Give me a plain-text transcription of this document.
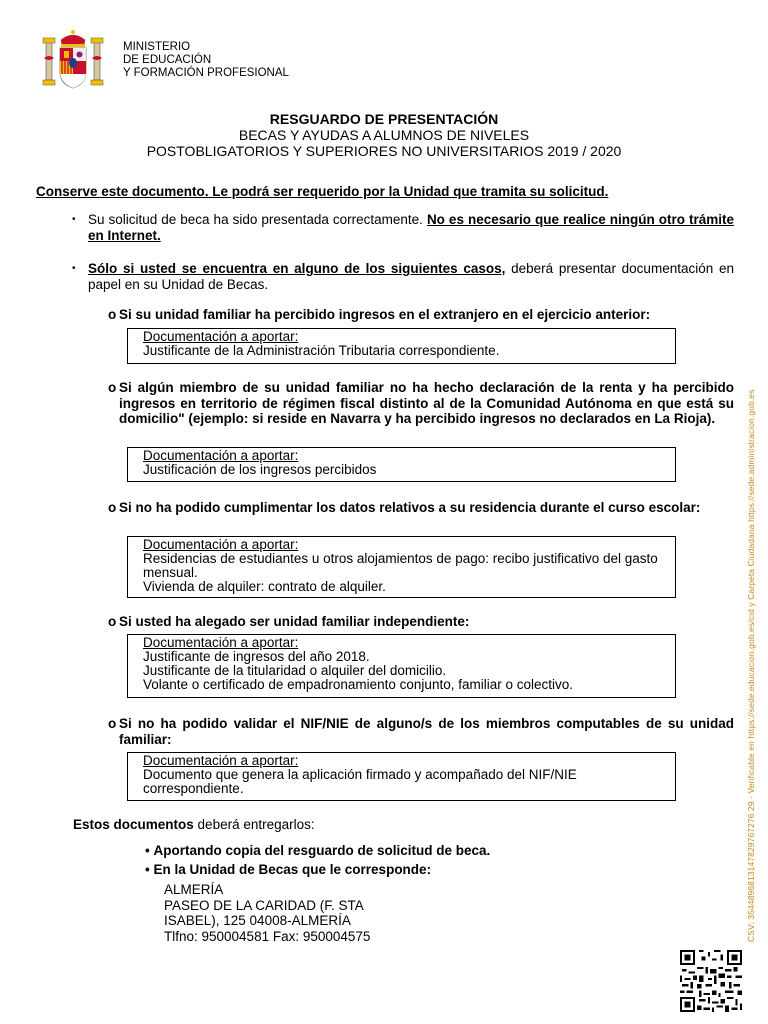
MINISTERIO
DE EDUCACIÓN
Y FORMACIÓN PROFESIONAL
RESGUARDO DE PRESENTACIÓN
BECAS Y AYUDAS A ALUMNOS DE NIVELES
POSTOBLIGATORIOS Y SUPERIORES NO UNIVERSITARIOS 2019 / 2020
Conserve este documento. Le podrá ser requerido por la Unidad que tramita su solicitud.
• Su solicitud de beca ha sido presentada correctamente. No es necesario que realice ningún otro trámite en Internet.
• Sólo si usted se encuentra en alguno de los siguientes casos, deberá presentar documentación en papel en su Unidad de Becas.
o Si su unidad familiar ha percibido ingresos en el extranjero en el ejercicio anterior:
Documentación a aportar:
Justificante de la Administración Tributaria correspondiente.
o Si algún miembro de su unidad familiar no ha hecho declaración de la renta y ha percibido ingresos en territorio de régimen fiscal distinto al de la Comunidad Autónoma en que está su domicilio" (ejemplo: si reside en Navarra y ha percibido ingresos no declarados en La Rioja).
Documentación a aportar:
Justificación de los ingresos percibidos
o Si no ha podido cumplimentar los datos relativos a su residencia durante el curso escolar:
Documentación a aportar:
Residencias de estudiantes u otros alojamientos de pago: recibo justificativo del gasto mensual.
Vivienda de alquiler: contrato de alquiler.
o Si usted ha alegado ser unidad familiar independiente:
Documentación a aportar:
Justificante de ingresos del año 2018.
Justificante de la titularidad o alquiler del domicilio.
Volante o certificado de empadronamiento conjunto, familiar o colectivo.
o Si no ha podido validar el NIF/NIE de alguno/s de los miembros computables de su unidad familiar:
Documentación a aportar:
Documento que genera la aplicación firmado y acompañado del NIF/NIE correspondiente.
Estos documentos deberá entregarlos:
• Aportando copia del resguardo de solicitud de beca.
• En la Unidad de Becas que le corresponde:
ALMERÍA
PASEO DE LA CARIDAD (F. STA
ISABEL), 125 04008-ALMERÍA
Tlfno: 950004581 Fax: 950004575	CSV: 3544896813147829767276 29 - Verificable en https://sede.educacion.gob.es/cid y Carpeta Ciudadana https://sede.administracion.gob.es
